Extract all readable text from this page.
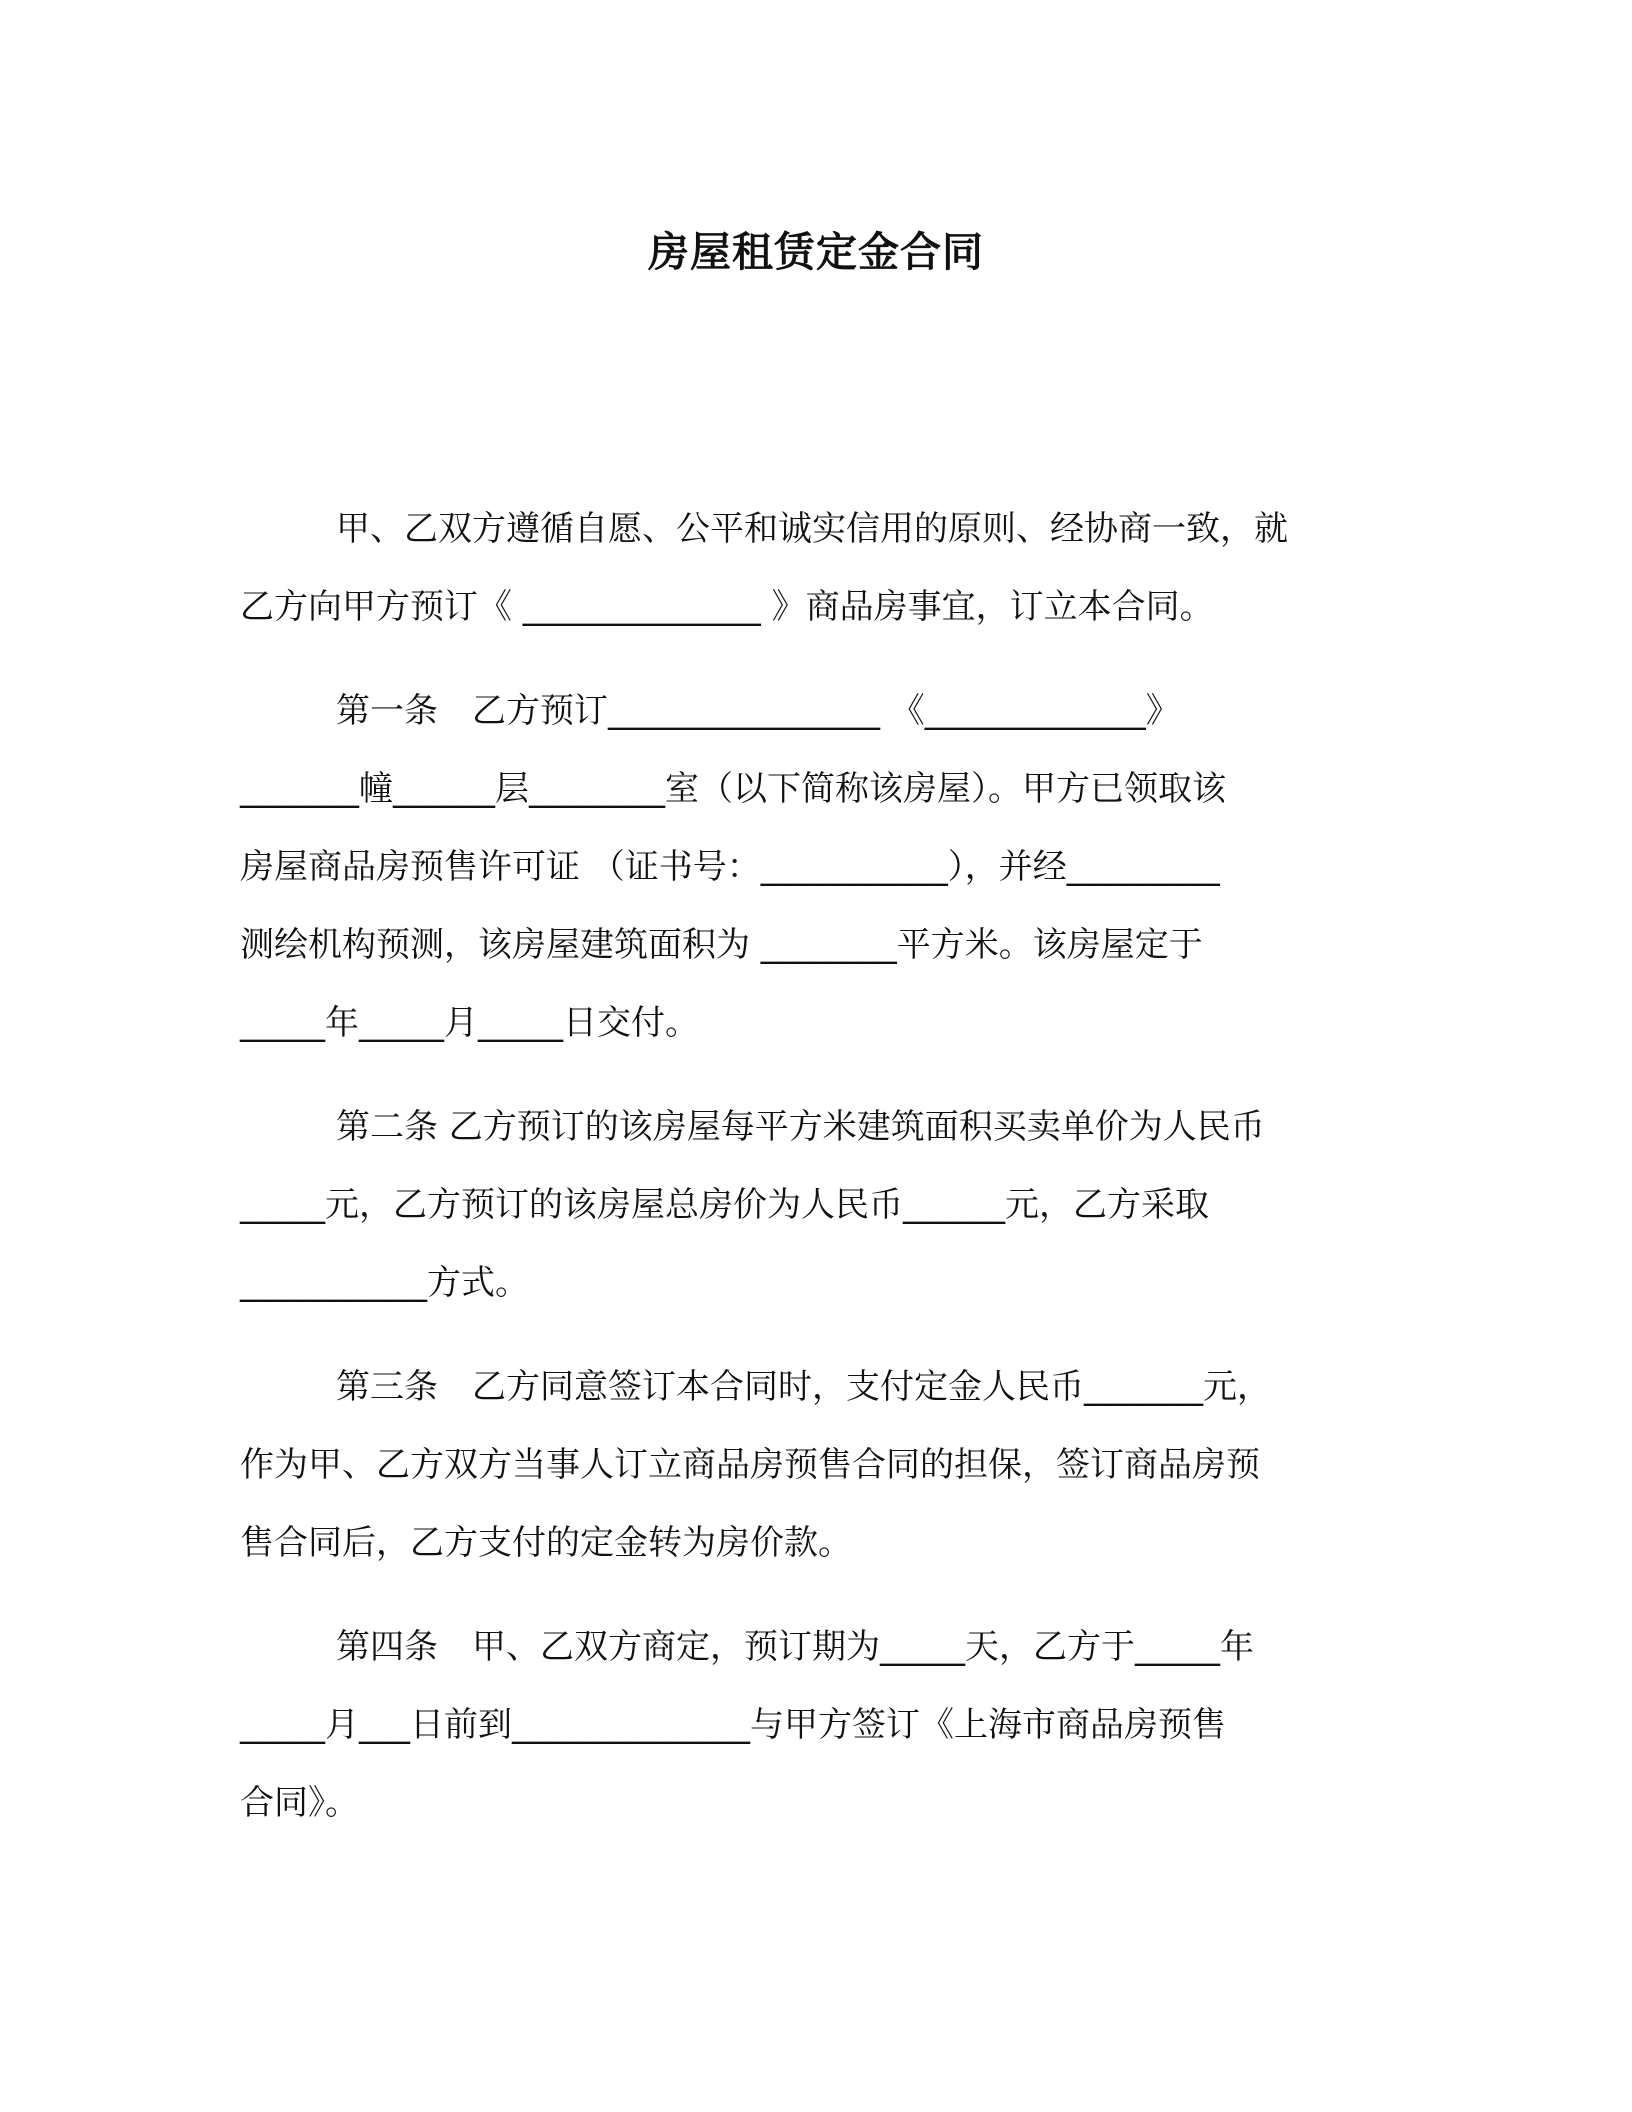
房屋租赁定金合同
甲、乙双方遵循自愿、公平和诚实信用的原则、经协商一致，就
乙方向甲方预订《 ______________ 》商品房事宜，订立本合同。
第一条　乙方预订________________ 《_____________》
_______幢______层________室（以下简称该房屋）。甲方已领取该
房屋商品房预售许可证 （证书号：___________），并经_________
测绘机构预测，该房屋建筑面积为 ________平方米。该房屋定于
_____年_____月_____日交付。
第二条 乙方预订的该房屋每平方米建筑面积买卖单价为人民币
_____元，乙方预订的该房屋总房价为人民币______元，乙方采取
___________方式。
第三条　乙方同意签订本合同时，支付定金人民币_______元，
作为甲、乙方双方当事人订立商品房预售合同的担保，签订商品房预
售合同后，乙方支付的定金转为房价款。
第四条　甲、乙双方商定，预订期为_____天，乙方于_____年
_____月___日前到______________与甲方签订《上海市商品房预售
合同》。
